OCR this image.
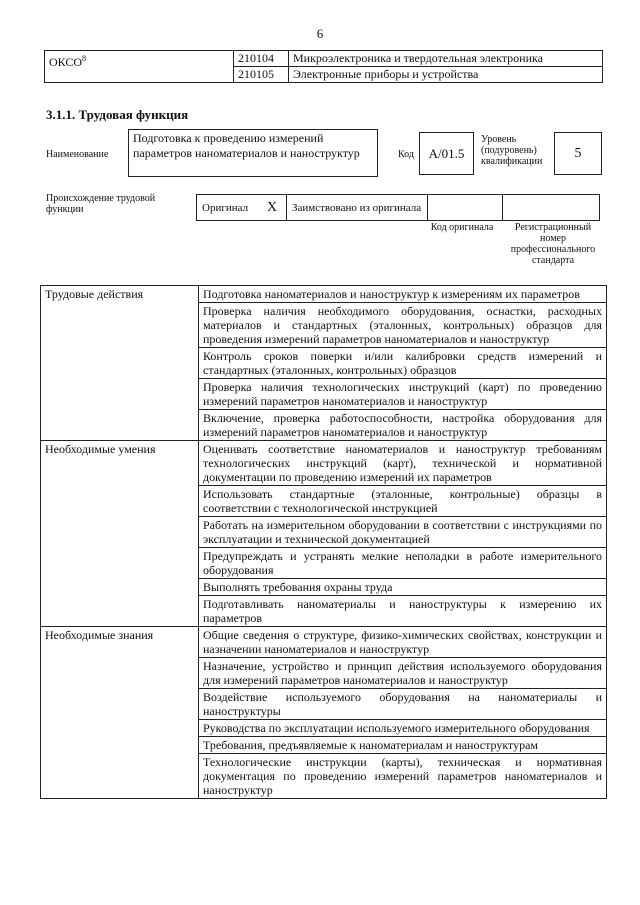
6
ОКСО$^8$	210104	Микроэлектроника и твердотельная электроника
	210105	Электронные приборы и устройства
3.1.1. Трудовая функция
Наименование
Подготовка к проведению измерений параметров наноматериалов и наноструктур	Код	A/01.5
Уровень (подуровень) квалификации
5
Происхождение трудовой функции	Оригинал	X	Заимствовано из оригинала		
Код оригинала	Регистрационный номер профессионального стандарта
Трудовые действия	Подготовка наноматериалов и наноструктур к измерениям их параметров
	Проверка наличия необходимого оборудования, оснастки, расходных материалов и стандартных (эталонных, контрольных) образцов для проведения измерений параметров наноматериалов и наноструктур
	Контроль сроков поверки и/или калибровки средств измерений и стандартных (эталонных, контрольных) образцов
	Проверка наличия технологических инструкций (карт) по проведению измерений параметров наноматериалов и наноструктур
	Включение, проверка работоспособности, настройка оборудования для измерений параметров наноматериалов и наноструктур
Необходимые умения	Оценивать соответствие наноматериалов и наноструктур требованиям технологических инструкций (карт), технической и нормативной документации по проведению измерений их параметров
	Использовать стандартные (эталонные, контрольные) образцы в соответствии с технологической инструкцией
	Работать на измерительном оборудовании в соответствии с инструкциями по эксплуатации и технической документацией
	Предупреждать и устранять мелкие неполадки в работе измерительного оборудования
	Выполнять требования охраны труда
	Подготавливать наноматериалы и наноструктуры к измерению их параметров
Необходимые знания	Общие сведения о структуре, физико-химических свойствах, конструкции и назначении наноматериалов и наноструктур
	Назначение, устройство и принцип действия используемого оборудования для измерений параметров наноматериалов и наноструктур
	Воздействие используемого оборудования на наноматериалы и наноструктуры
	Руководства по эксплуатации используемого измерительного оборудования
	Требования, предъявляемые к наноматериалам и наноструктурам
	Технологические инструкции (карты), техническая и нормативная документация по проведению измерений параметров наноматериалов и наноструктур
